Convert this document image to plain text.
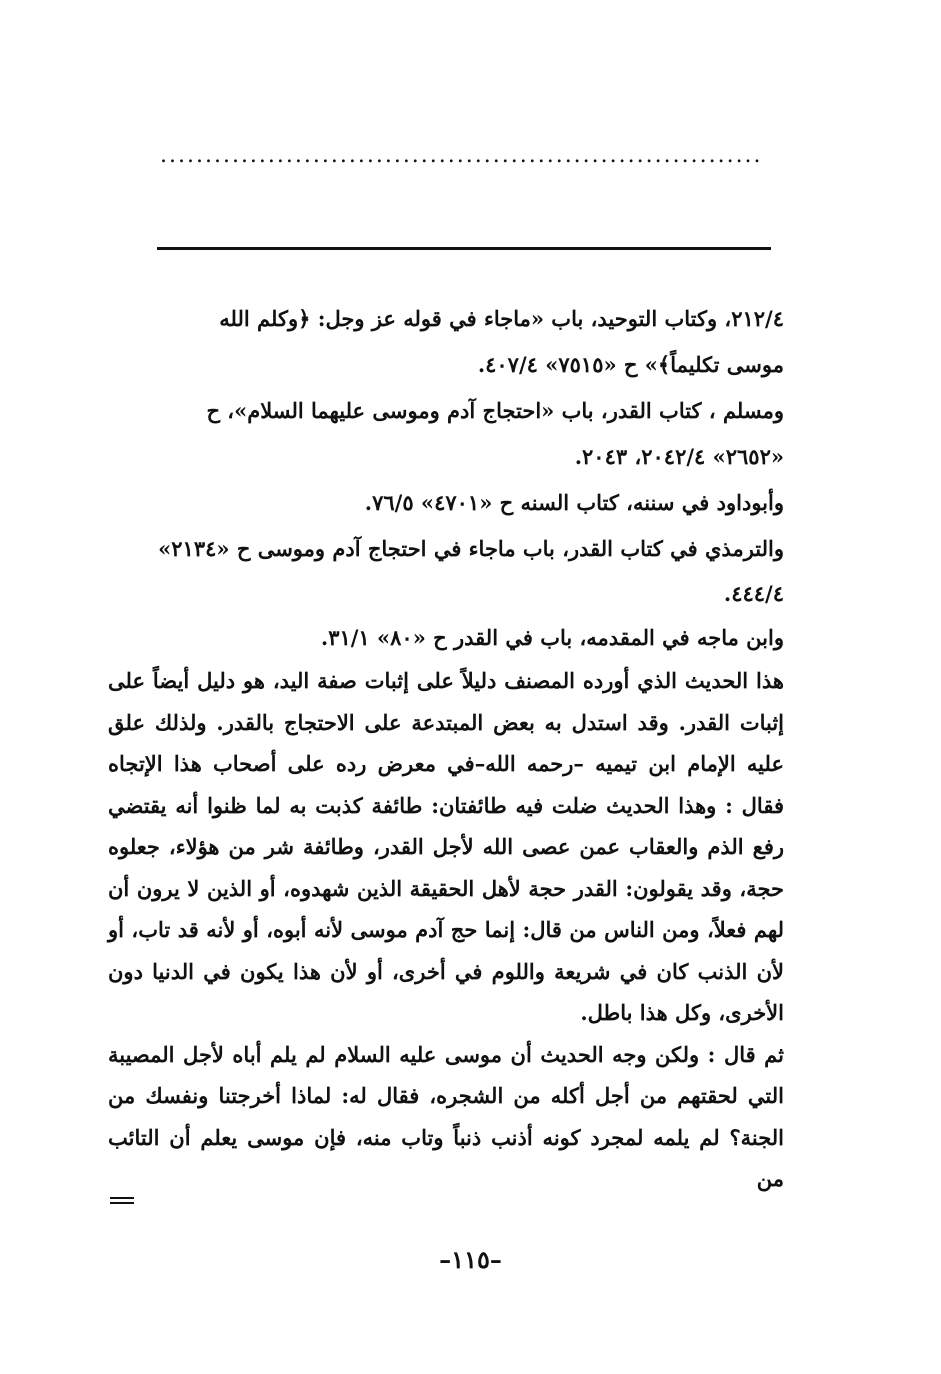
...................................................................

٢١٢/٤، وكتاب التوحيد، باب «ماجاء في قوله عز وجل: ﴿وكلم الله

موسى تكليماً﴾» ح «٧٥١٥» ٤٠٧/٤.

ومسلم ، كتاب القدر، باب «احتجاج آدم وموسى عليهما السلام»، ح

«٢٦٥٢» ٢٠٤٢/٤، ٢٠٤٣.

وأبوداود في سننه، كتاب السنه ح «٤٧٠١» ٧٦/٥.

والترمذي في كتاب القدر، باب ماجاء في احتجاج آدم وموسى ح «٢١٣٤»

٤٤٤/٤.

وابن ماجه في المقدمه، باب في القدر ح «٨٠» ٣١/١.

هذا الحديث الذي أورده المصنف دليلاً على إثبات صفة اليد، هو دليل أيضاً على إثبات القدر. وقد استدل به بعض المبتدعة على الاحتجاج بالقدر. ولذلك علق عليه الإمام ابن تيميه –رحمه الله–في معرض رده على أصحاب هذا الإتجاه فقال : وهذا الحديث ضلت فيه طائفتان: طائفة كذبت به لما ظنوا أنه يقتضي رفع الذم والعقاب عمن عصى الله لأجل القدر، وطائفة شر من هؤلاء، جعلوه حجة، وقد يقولون: القدر حجة لأهل الحقيقة الذين شهدوه، أو الذين لا يرون أن لهم فعلاً، ومن الناس من قال: إنما حج آدم موسى لأنه أبوه، أو لأنه قد تاب، أو لأن الذنب كان في شريعة واللوم في أخرى، أو لأن هذا يكون في الدنيا دون الأخرى، وكل هذا باطل.

ثم قال : ولكن وجه الحديث أن موسى عليه السلام لم يلم أباه لأجل المصيبة التي لحقتهم من أجل أكله من الشجره، فقال له: لماذا أخرجتنا ونفسك من الجنة؟ لم يلمه لمجرد كونه أذنب ذنباً وتاب منه، فإن موسى يعلم أن التائب من

–١١٥–
